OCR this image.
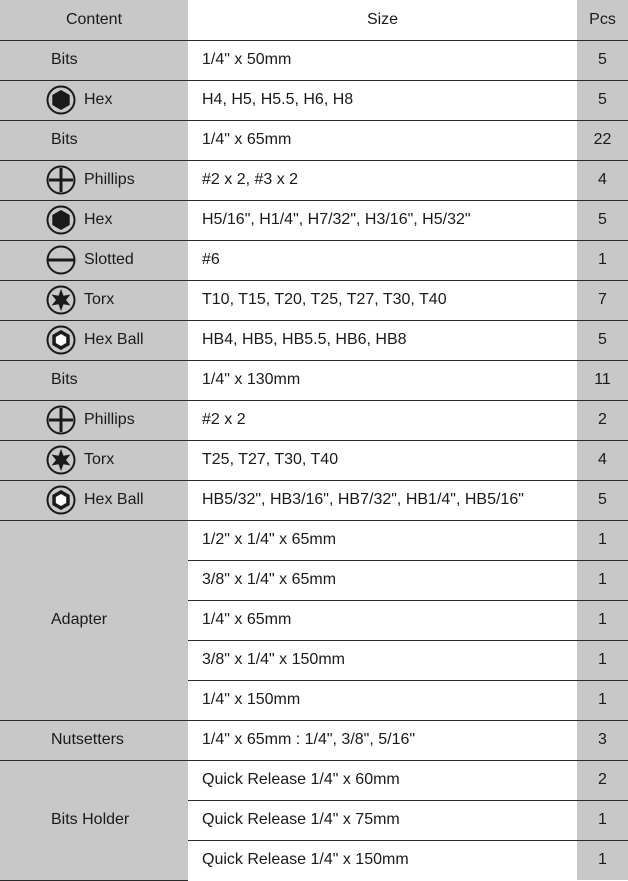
Content	Size	Pcs

Bits	1/4" x 50mm	5

Hex	H4, H5, H5.5, H6, H8	5

Bits	1/4" x 65mm	22

Phillips	#2 x 2, #3 x 2	4

Hex	H5/16", H1/4", H7/32", H3/16", H5/32"	5

Slotted	#6	1

Torx	T10, T15, T20, T25, T27, T30, T40	7

Hex Ball	HB4, HB5, HB5.5, HB6, HB8	5

Bits	1/4" x 130mm	11

Phillips	#2 x 2	2

Torx	T25, T27, T30, T40	4

Hex Ball	HB5/32", HB3/16", HB7/32", HB1/4", HB5/16"	5

Adapter	1/2" x 1/4" x 65mm	1
	3/8" x 1/4" x 65mm	1
	1/4" x 65mm	1
	3/8" x 1/4" x 150mm	1
	1/4" x 150mm	1

Nutsetters	1/4" x 65mm : 1/4", 3/8", 5/16"	3

Bits Holder	Quick Release 1/4" x 60mm	2
	Quick Release 1/4" x 75mm	1
	Quick Release 1/4" x 150mm	1
